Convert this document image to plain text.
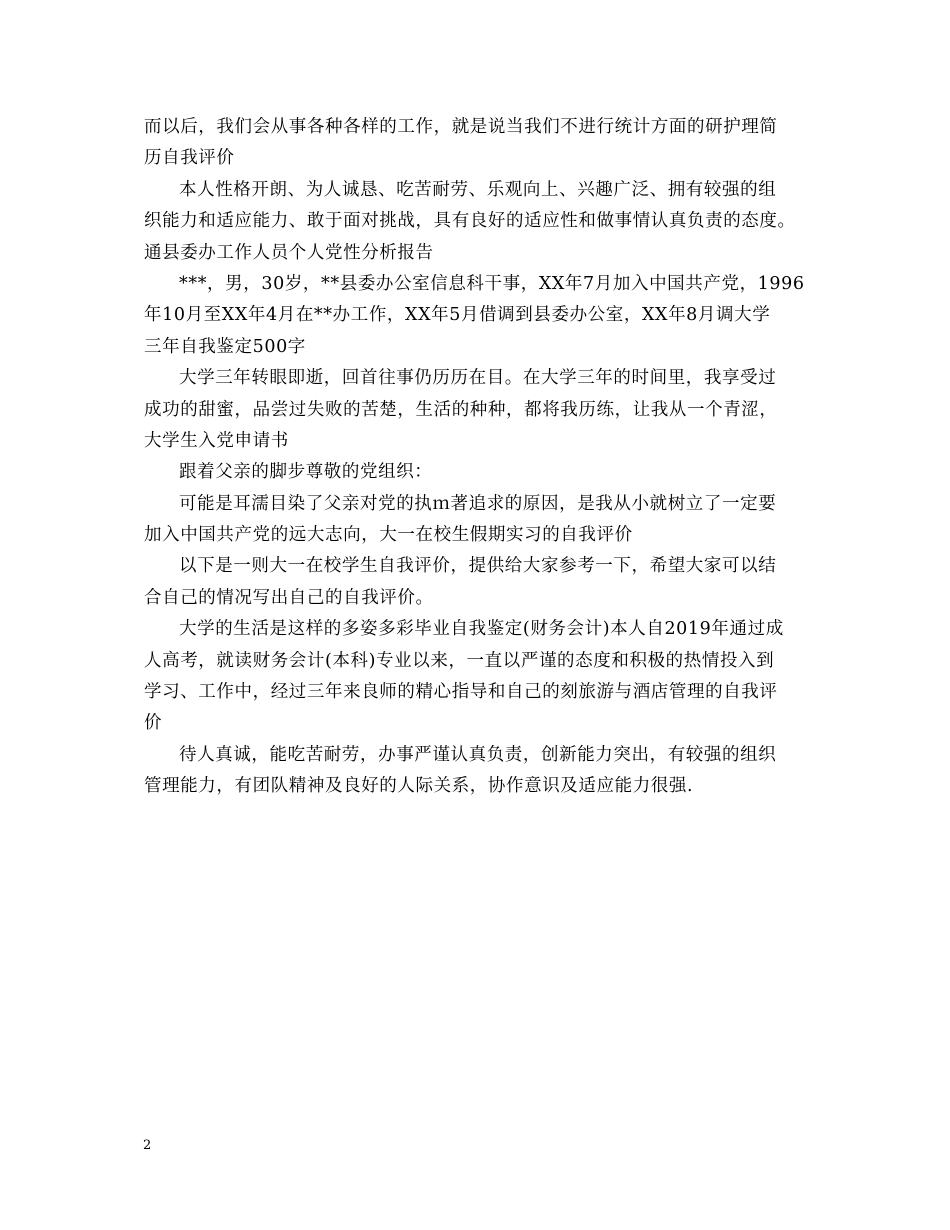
而以后，我们会从事各种各样的工作，就是说当我们不进行统计方面的研护理简
历自我评价
本人性格开朗、为人诚恳、吃苦耐劳、乐观向上、兴趣广泛、拥有较强的组
织能力和适应能力、敢于面对挑战，具有良好的适应性和做事情认真负责的态度。
通县委办工作人员个人党性分析报告
***，男，30岁，**县委办公室信息科干事，XX年7月加入中国共产党，1996
年10月至XX年4月在**办工作，XX年5月借调到县委办公室，XX年8月调大学
三年自我鉴定500字
大学三年转眼即逝，回首往事仍历历在目。在大学三年的时间里，我享受过
成功的甜蜜，品尝过失败的苦楚，生活的种种，都将我历练，让我从一个青涩，
大学生入党申请书
跟着父亲的脚步尊敬的党组织：
可能是耳濡目染了父亲对党的执ｍ著追求的原因，是我从小就树立了一定要
加入中国共产党的远大志向，大一在校生假期实习的自我评价
以下是一则大一在校学生自我评价，提供给大家参考一下，希望大家可以结
合自己的情况写出自己的自我评价。
大学的生活是这样的多姿多彩毕业自我鉴定(财务会计)本人自2019年通过成
人高考，就读财务会计(本科)专业以来，一直以严谨的态度和积极的热情投入到
学习、工作中，经过三年来良师的精心指导和自己的刻旅游与酒店管理的自我评
价
待人真诚，能吃苦耐劳，办事严谨认真负责，创新能力突出，有较强的组织
管理能力，有团队精神及良好的人际关系，协作意识及适应能力很强.
2
